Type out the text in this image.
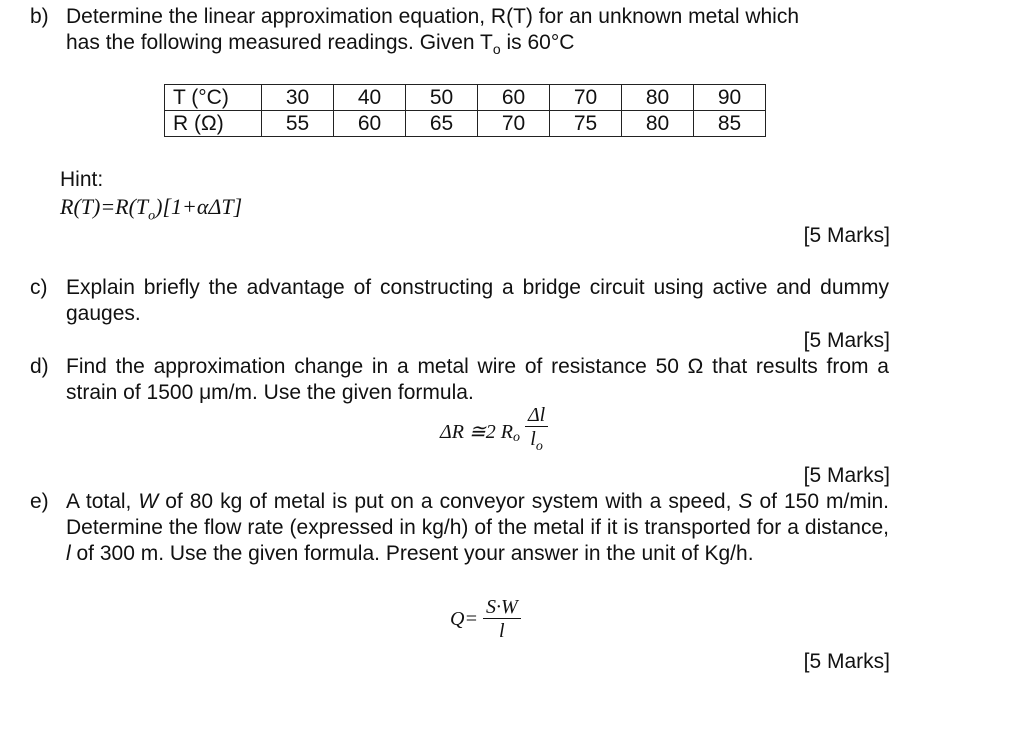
b) Determine the linear approximation equation, R(T) for an unknown metal which
has the following measured readings. Given $T_o$ is 60°C
T (°C)	30	40	50	60	70	80	90
R (Ω)	55	60	65	70	75	80	85
Hint:
$R(T)=R(T_o)[1+\alpha\Delta T]$
[5 Marks]
c) Explain briefly the advantage of constructing a bridge circuit using active and dummy gauges.
[5 Marks]
d) Find the approximation change in a metal wire of resistance 50 Ω that results from a strain of 1500 μm/m. Use the given formula.
ΔR ≅2 $R_o \frac{\Delta l}{l_o}$
[5 Marks]
e) A total, W of 80 kg of metal is put on a conveyor system with a speed, S of 150 m/min. Determine the flow rate (expressed in kg/h) of the metal if it is transported for a distance, l of 300 m. Use the given formula. Present your answer in the unit of Kg/h.
$Q= \frac{S\cdot W}{l}$
[5 Marks]
